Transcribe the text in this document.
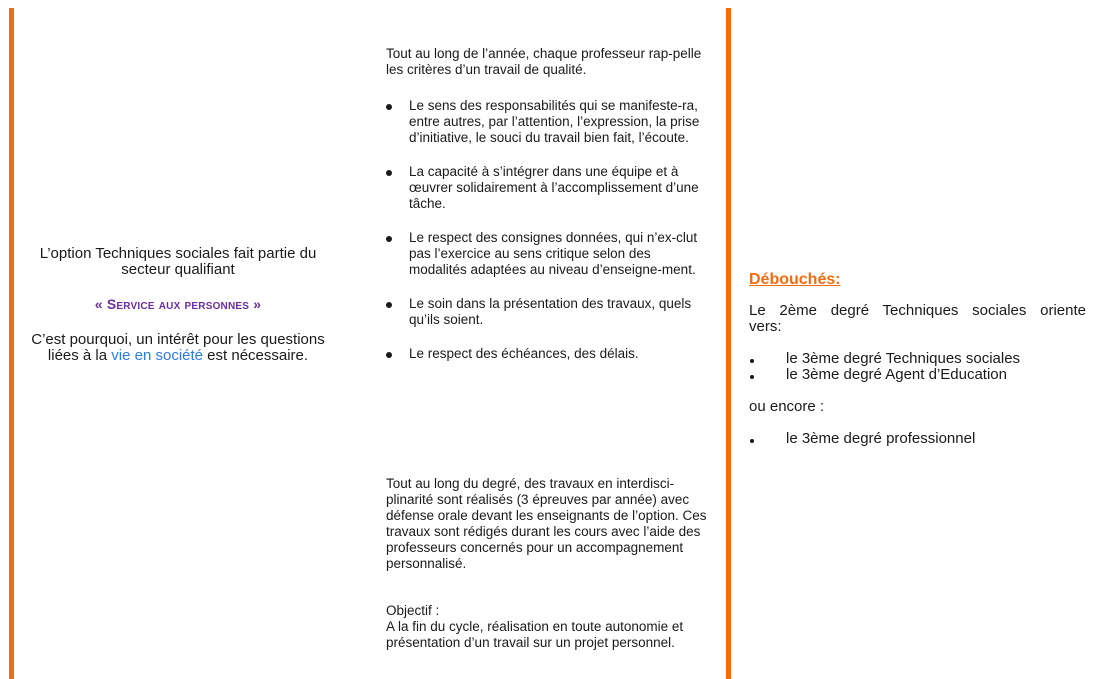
L’option Techniques sociales fait partie du secteur qualifiant

« Service aux personnes »

C’est pourquoi, un intérêt pour les questions liées à la vie en société est nécessaire.

Tout au long de l’année, chaque professeur rap-pelle les critères d’un travail de qualité.

Le sens des responsabilités qui se manifeste-ra, entre autres, par l’attention, l’expression, la prise d’initiative, le souci du travail bien fait, l’écoute.
La capacité à s’intégrer dans une équipe et à œuvrer solidairement à l’accomplissement d’une tâche.
Le respect des consignes données, qui n’ex-clut pas l’exercice au sens critique selon des modalités adaptées au niveau d’enseigne-ment.
Le soin dans la présentation des travaux, quels qu’ils soient.
Le respect des échéances, des délais.

Tout au long du degré, des travaux en interdisci-plinarité sont réalisés (3 épreuves par année) avec défense orale devant les enseignants de l’option. Ces travaux sont rédigés durant les cours avec l’aide des professeurs concernés pour un accompagnement personnalisé.

Objectif :

A la fin du cycle, réalisation en toute autonomie et présentation d’un travail sur un projet personnel.

Débouchés:

Le 2ème degré Techniques sociales oriente

vers:

le 3ème degré Techniques sociales
le 3ème degré Agent d’Education

ou encore :

le 3ème degré professionnel
